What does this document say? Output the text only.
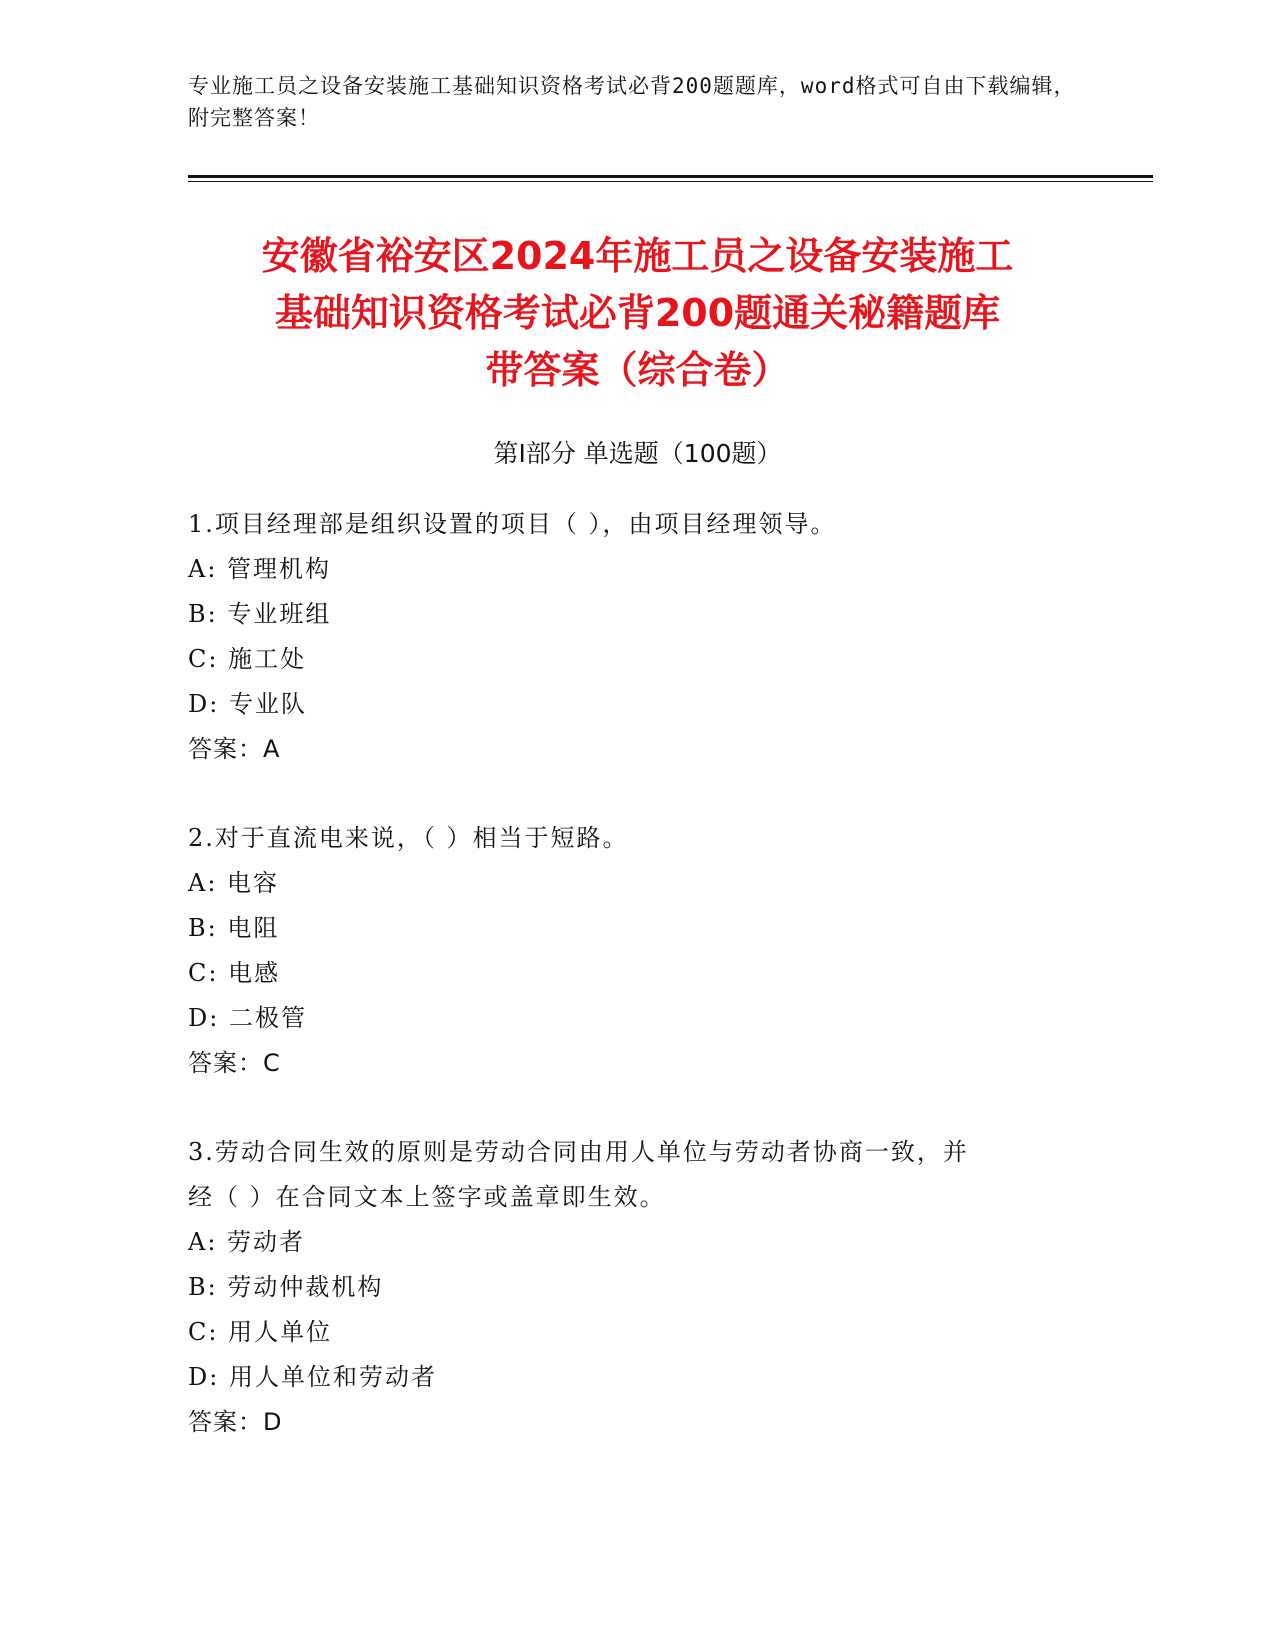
专业施工员之设备安装施工基础知识资格考试必背200题题库，word格式可自由下载编辑，附完整答案！
安徽省裕安区2024年施工员之设备安装施工
基础知识资格考试必背200题通关秘籍题库
带答案（综合卷）
第Ⅰ部分 单选题（100题）
1.项目经理部是组织设置的项目（ ），由项目经理领导。
A: 管理机构
B: 专业班组
C: 施工处
D: 专业队
答案：A
2.对于直流电来说，（ ）相当于短路。
A: 电容
B: 电阻
C: 电感
D: 二极管
答案：C
3.劳动合同生效的原则是劳动合同由用人单位与劳动者协商一致，并
经（ ）在合同文本上签字或盖章即生效。
A: 劳动者
B: 劳动仲裁机构
C: 用人单位
D: 用人单位和劳动者
答案：D
